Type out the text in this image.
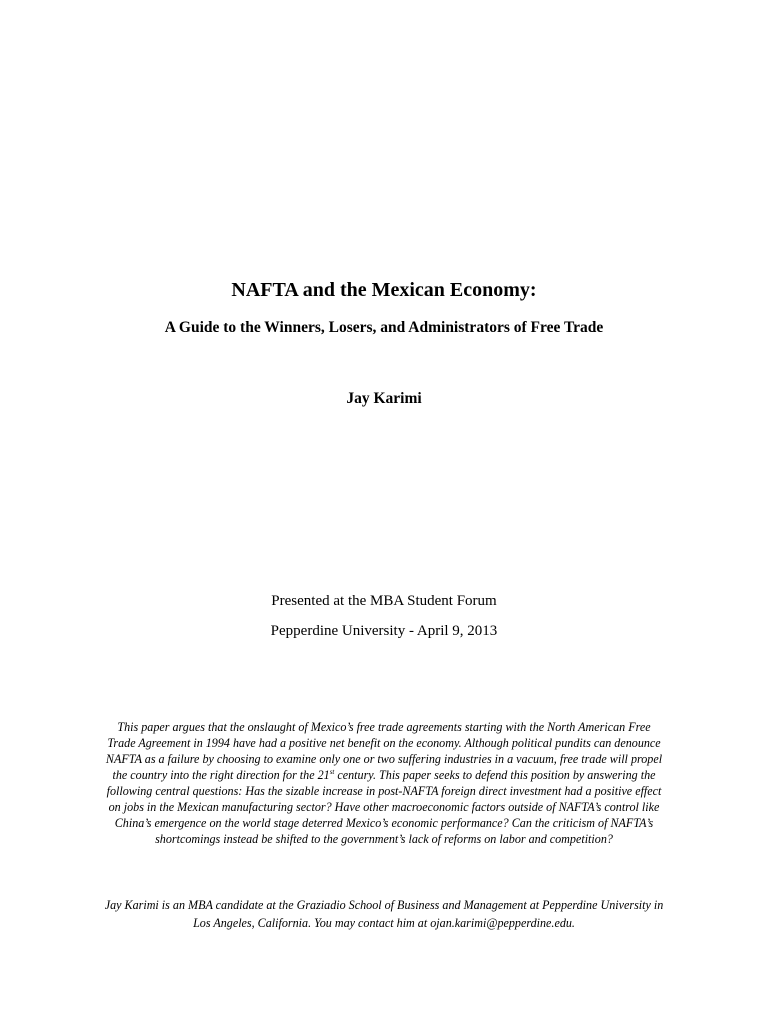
NAFTA and the Mexican Economy:
A Guide to the Winners, Losers, and Administrators of Free Trade
Jay Karimi
Presented at the MBA Student Forum
Pepperdine University - April 9, 2013
This paper argues that the onslaught of Mexico’s free trade agreements starting with the North American Free
Trade Agreement in 1994 have had a positive net benefit on the economy. Although political pundits can denounce
NAFTA as a failure by choosing to examine only one or two suffering industries in a vacuum, free trade will propel
the country into the right direction for the 21st century. This paper seeks to defend this position by answering the
following central questions: Has the sizable increase in post-NAFTA foreign direct investment had a positive effect
on jobs in the Mexican manufacturing sector? Have other macroeconomic factors outside of NAFTA’s control like
China’s emergence on the world stage deterred Mexico’s economic performance? Can the criticism of NAFTA’s
shortcomings instead be shifted to the government’s lack of reforms on labor and competition?
Jay Karimi is an MBA candidate at the Graziadio School of Business and Management at Pepperdine University in
Los Angeles, California. You may contact him at ojan.karimi@pepperdine.edu.
